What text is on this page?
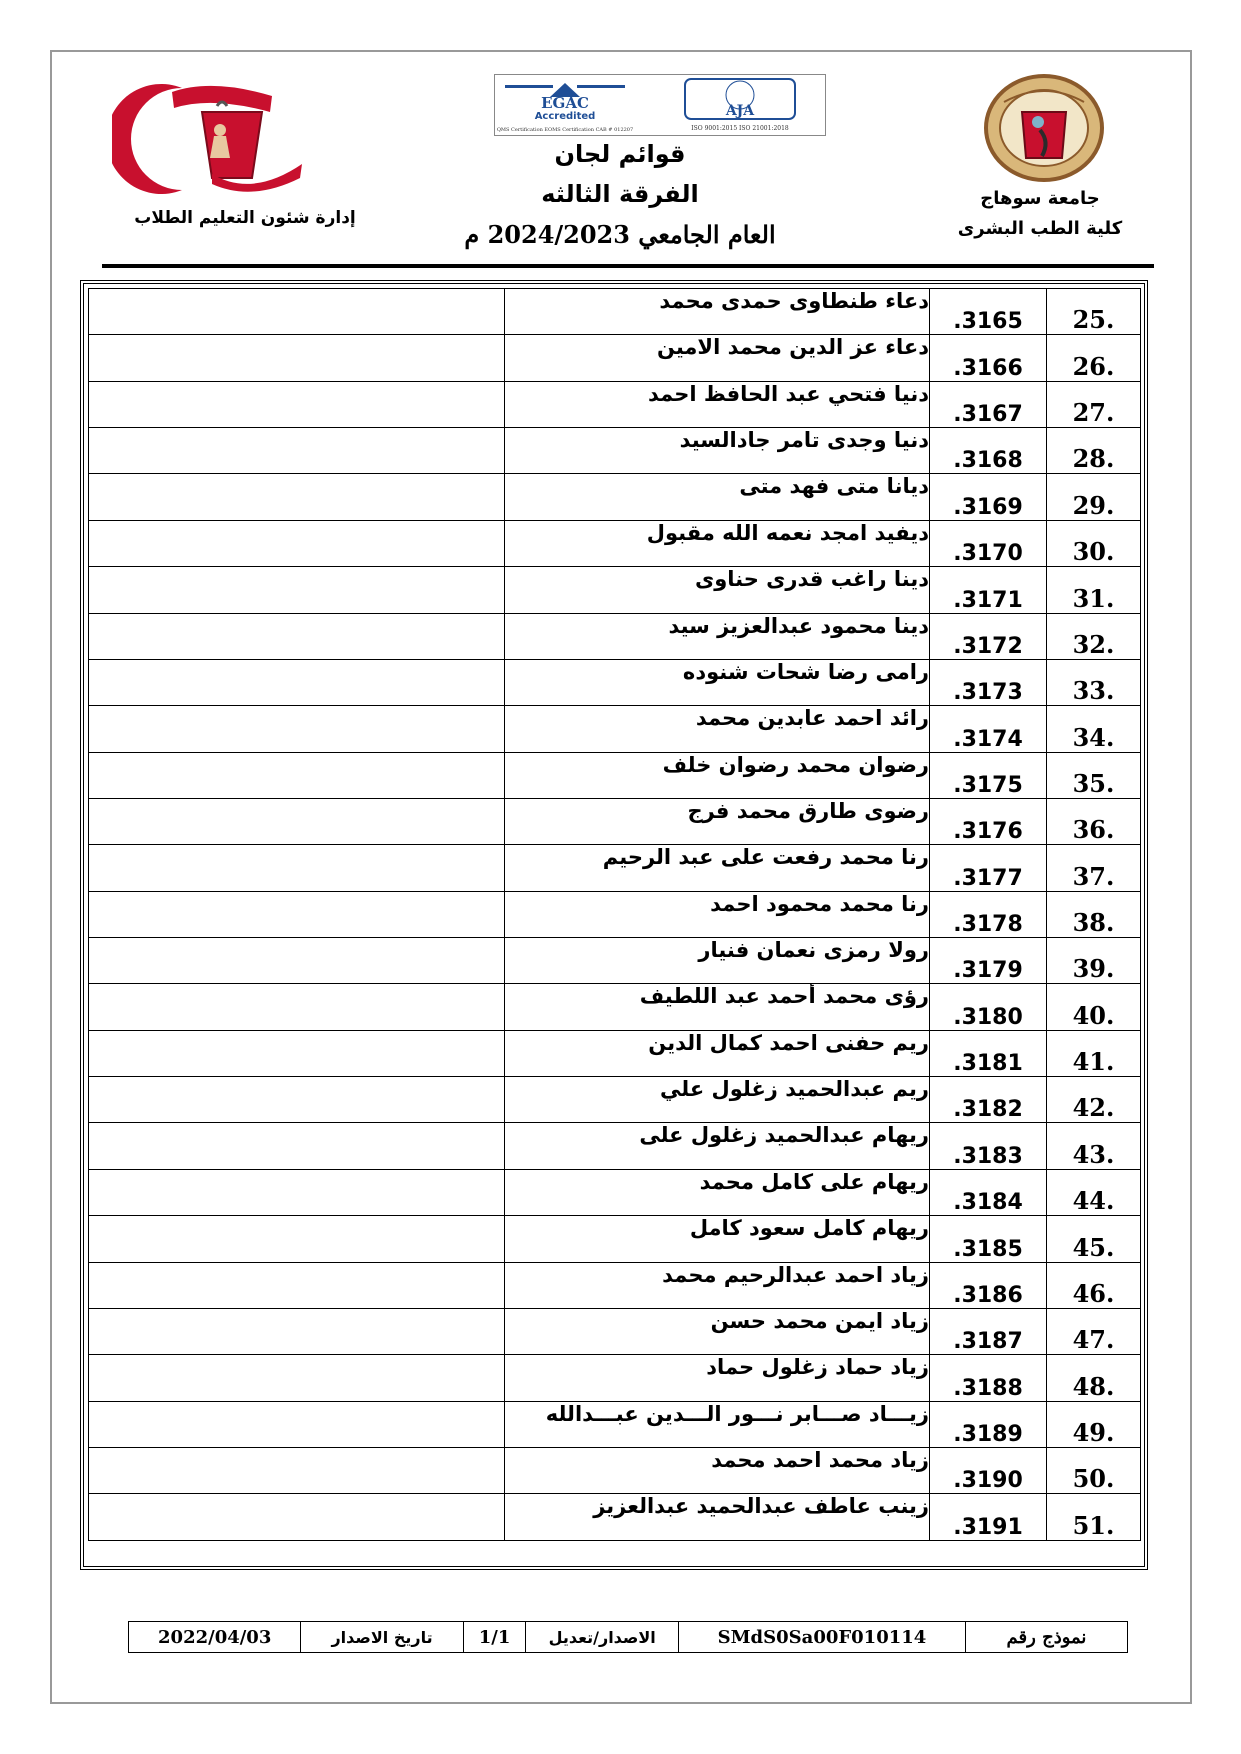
EGAC
Accredited
QMS Certification EOMS Certification CAB # 012207
AJA
ISO 9001:2015 ISO 21001:2018
قوائم لجان
الفرقة الثالثه
العام الجامعي 2024/2023 م
إدارة شئون التعليم الطلاب
جامعة سوهاج
كلية الطب البشرى
.25	3165.	دعاء طنطاوى حمدى محمد	
.26	3166.	دعاء عز الدين محمد الامين	
.27	3167.	دنيا فتحي عبد الحافظ احمد	
.28	3168.	دنيا وجدى تامر جادالسيد	
.29	3169.	ديانا متى فهد متى	
.30	3170.	ديفيد امجد نعمه الله مقبول	
.31	3171.	دينا راغب قدرى حناوى	
.32	3172.	دينا محمود عبدالعزيز سيد	
.33	3173.	رامى رضا شحات شنوده	
.34	3174.	رائد احمد عابدين محمد	
.35	3175.	رضوان محمد رضوان خلف	
.36	3176.	رضوى طارق محمد فرج	
.37	3177.	رنا محمد رفعت على عبد الرحيم	
.38	3178.	رنا محمد محمود احمد	
.39	3179.	رولا رمزى نعمان فنيار	
.40	3180.	رؤى محمد أحمد عبد اللطيف	
.41	3181.	ريم حفنى احمد كمال الدين	
.42	3182.	ريم عبدالحميد زغلول علي	
.43	3183.	ريهام عبدالحميد زغلول على	
.44	3184.	ريهام على كامل محمد	
.45	3185.	ريهام كامل سعود كامل	
.46	3186.	زياد احمد عبدالرحيم محمد	
.47	3187.	زياد ايمن محمد حسن	
.48	3188.	زياد حماد زغلول حماد	
.49	3189.	زيـــاد صـــابر نـــور الـــدين عبـــدالله	
.50	3190.	زياد محمد احمد محمد	
.51	3191.	زينب عاطف عبدالحميد عبدالعزيز	
نموذج رقم	SMdS0Sa00F010114	الاصدار/تعديل	1/1	تاريخ الاصدار	2022/04/03
